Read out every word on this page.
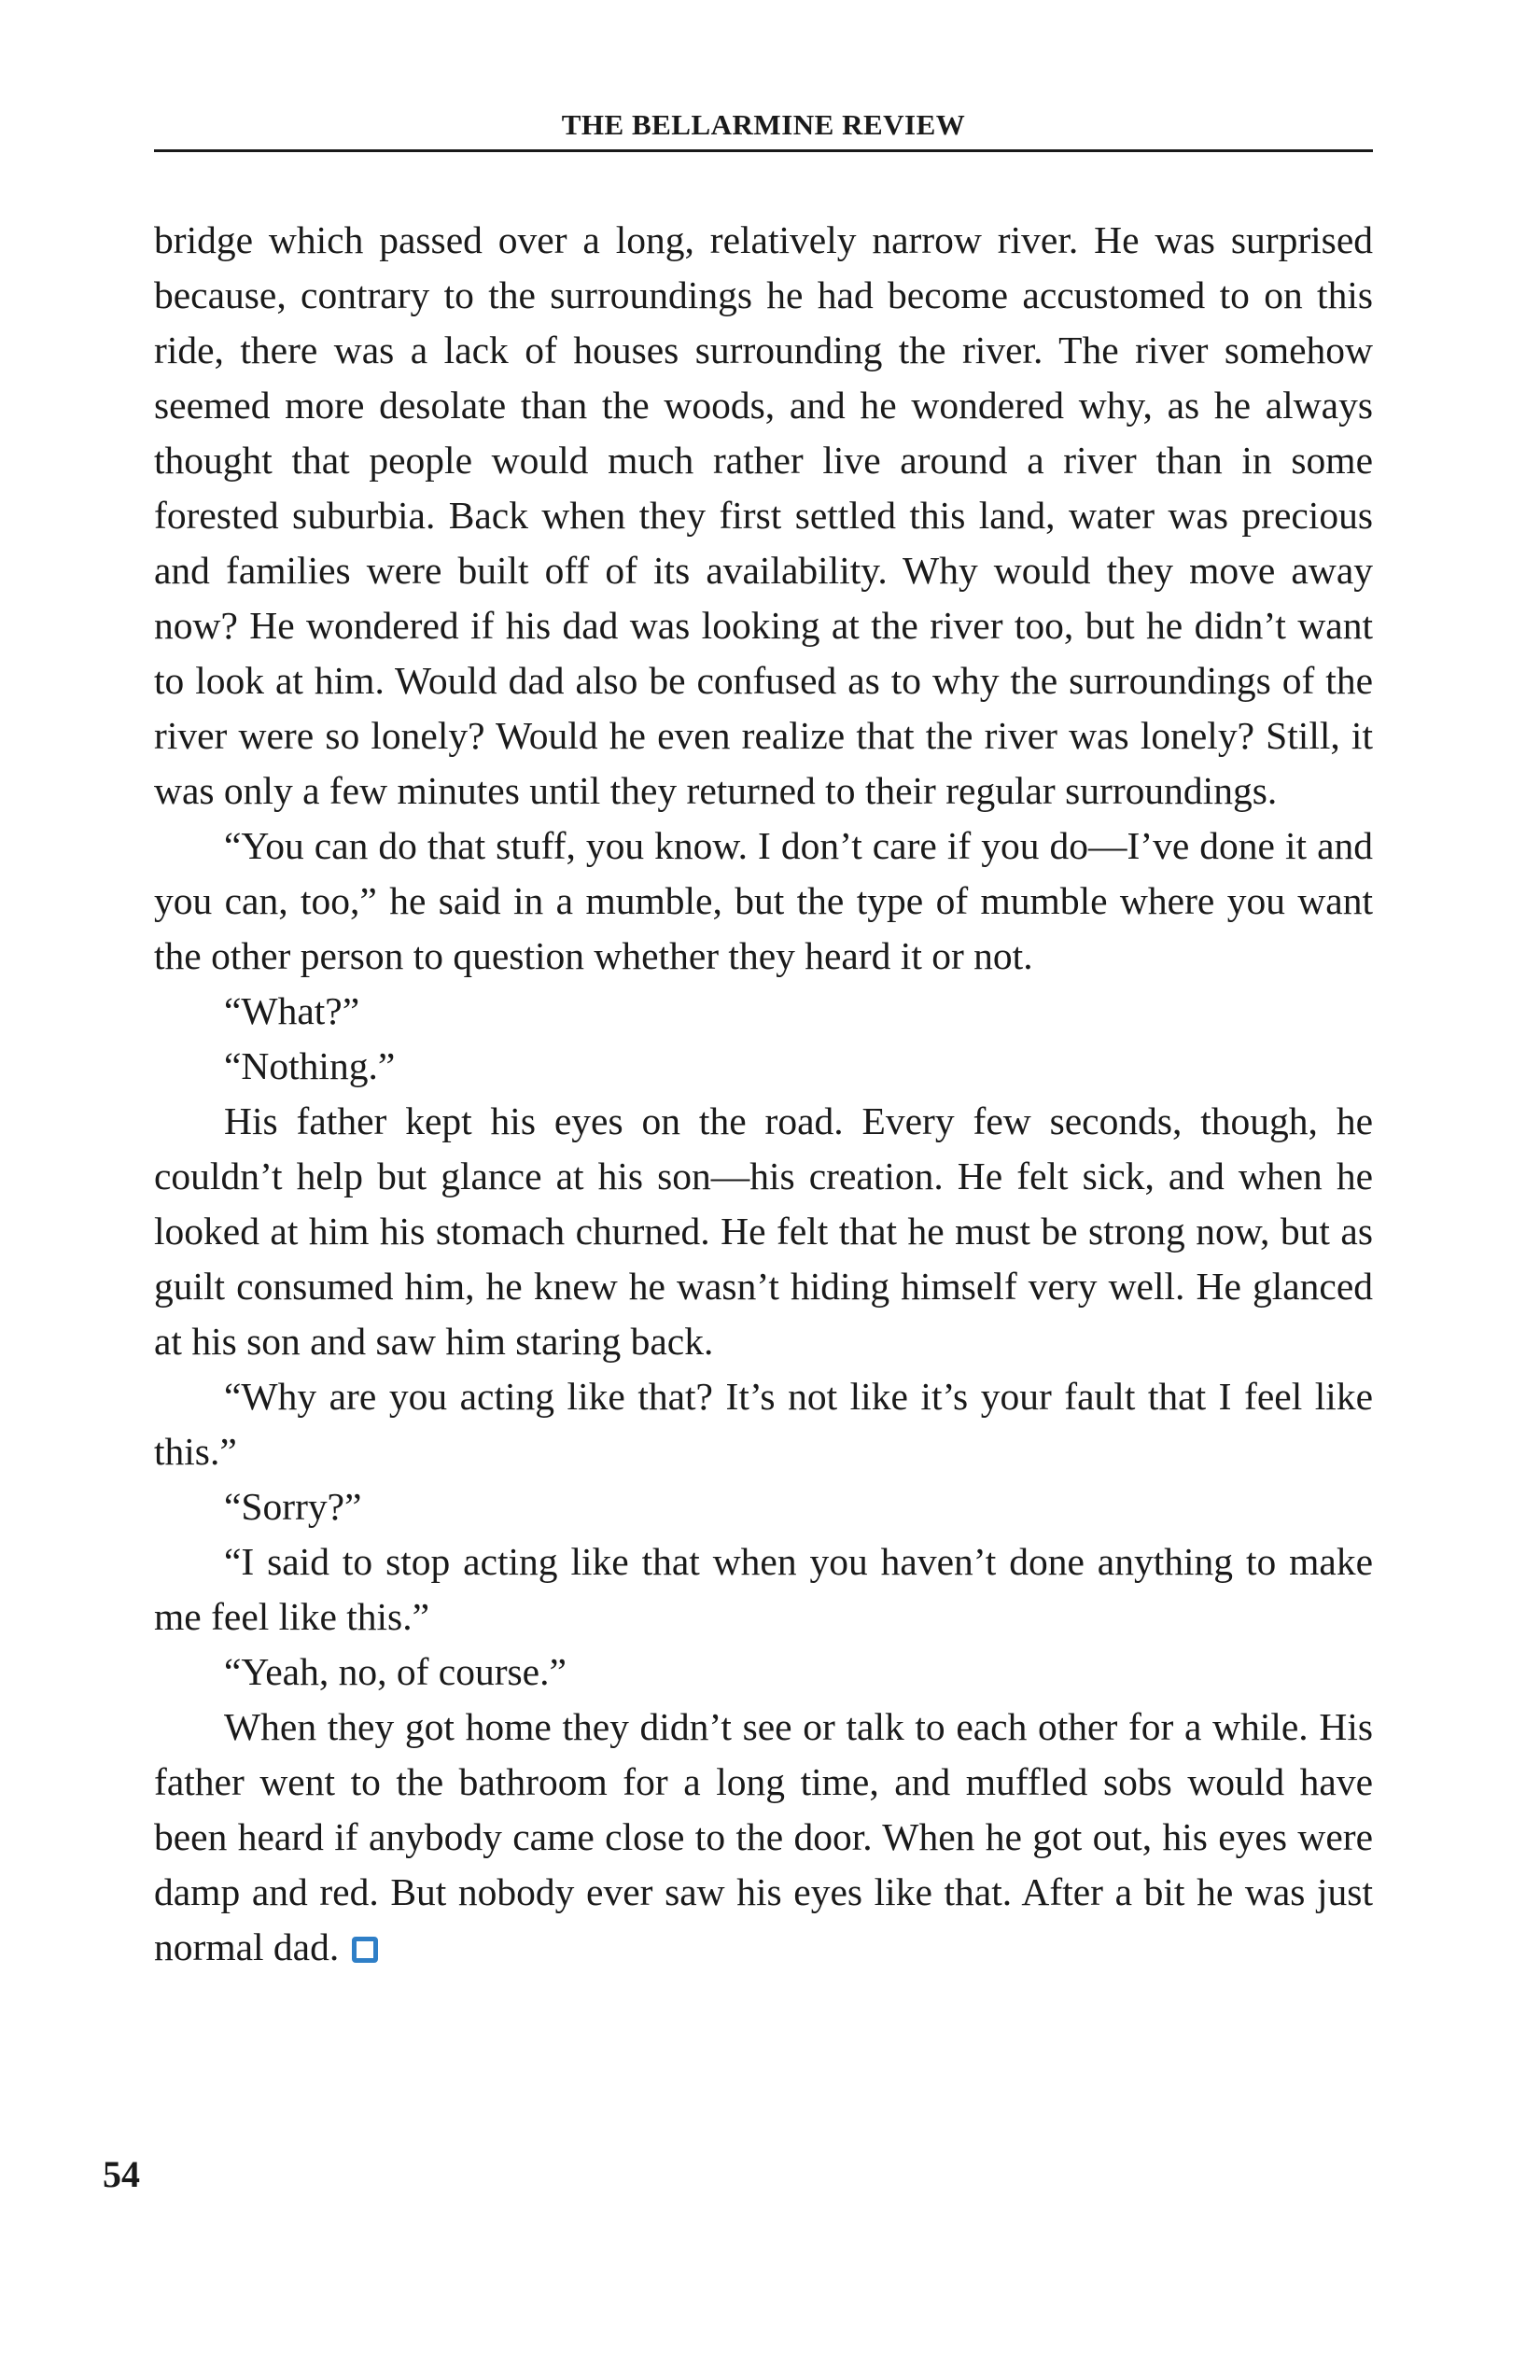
THE BELLARMINE REVIEW

bridge which passed over a long, relatively narrow river. He was surprised because, contrary to the surroundings he had become accustomed to on this ride, there was a lack of houses surrounding the river. The river somehow seemed more desolate than the woods, and he wondered why, as he always thought that people would much rather live around a river than in some forested suburbia. Back when they first settled this land, water was precious and families were built off of its availability. Why would they move away now? He wondered if his dad was looking at the river too, but he didn’t want to look at him. Would dad also be confused as to why the surroundings of the river were so lonely? Would he even realize that the river was lonely? Still, it was only a few minutes until they returned to their regular surroundings.

“You can do that stuff, you know. I don’t care if you do—I’ve done it and you can, too,” he said in a mumble, but the type of mumble where you want the other person to question whether they heard it or not.

“What?”

“Nothing.”

His father kept his eyes on the road. Every few seconds, though, he couldn’t help but glance at his son—his creation. He felt sick, and when he looked at him his stomach churned. He felt that he must be strong now, but as guilt consumed him, he knew he wasn’t hiding himself very well. He glanced at his son and saw him staring back.

“Why are you acting like that? It’s not like it’s your fault that I feel like this.”

“Sorry?”

“I said to stop acting like that when you haven’t done anything to make me feel like this.”

“Yeah, no, of course.”

When they got home they didn’t see or talk to each other for a while. His father went to the bathroom for a long time, and muffled sobs would have been heard if anybody came close to the door. When he got out, his eyes were damp and red. But nobody ever saw his eyes like that. After a bit he was just normal dad.

54
